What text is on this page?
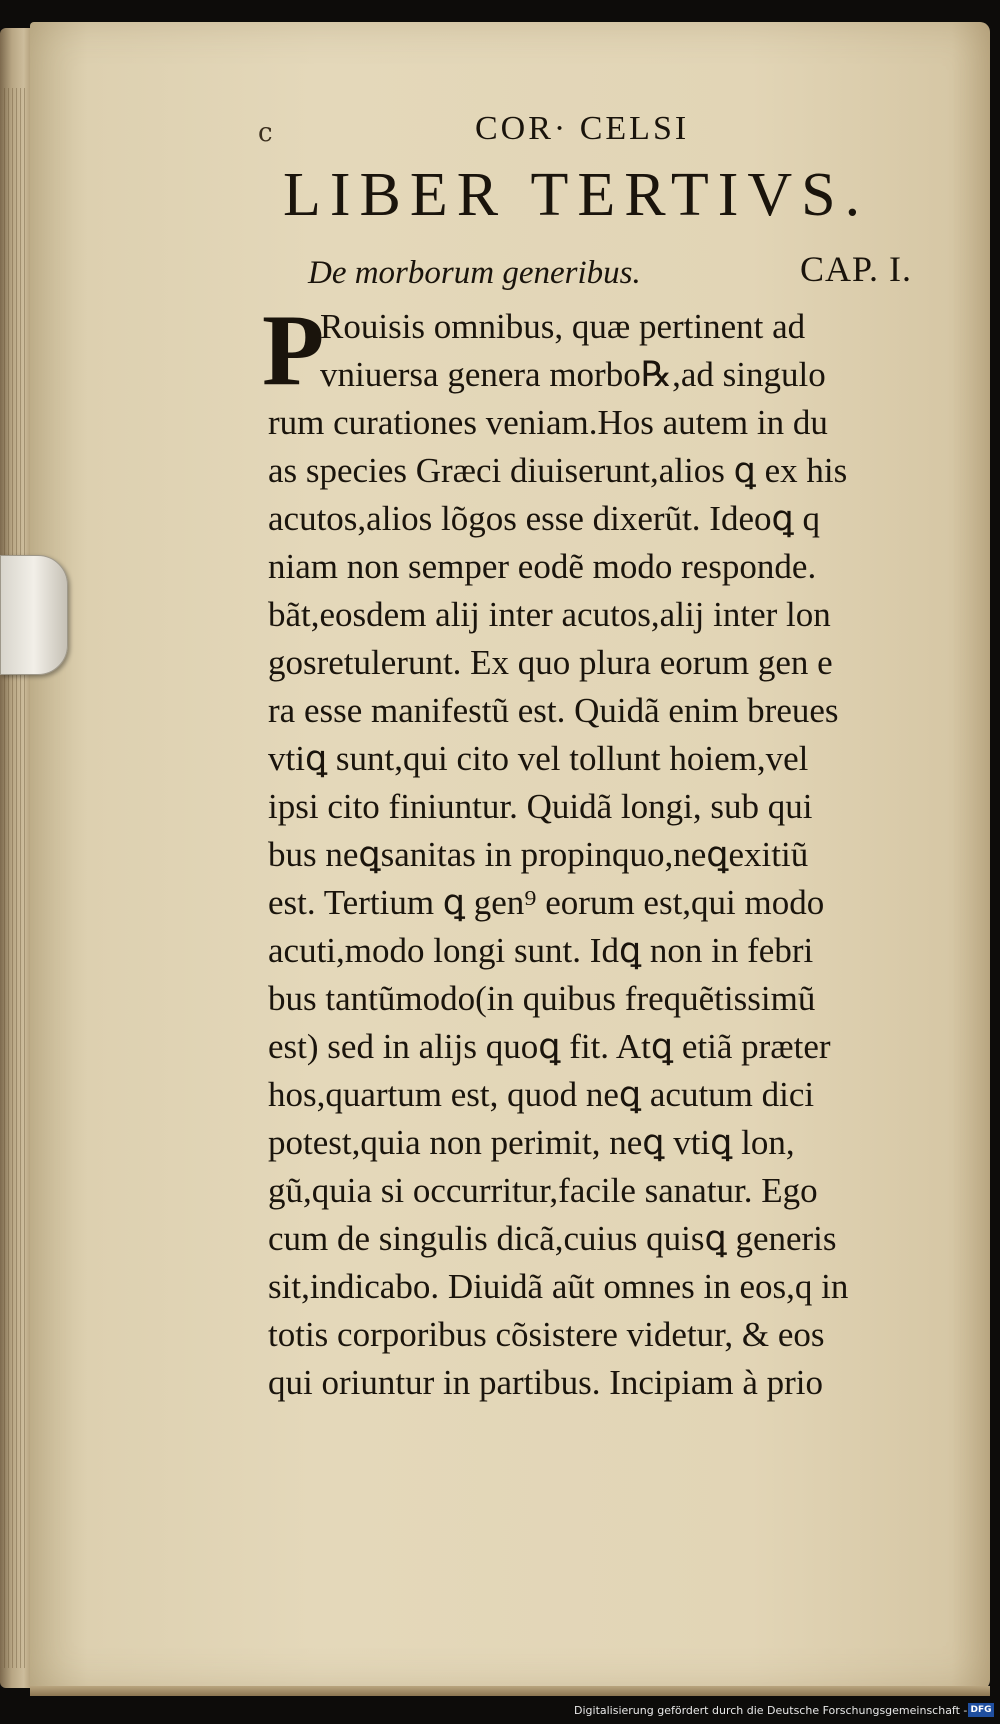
c	COR· CELSI
LIBER TERTIVS.
De morborum generibus.	CAP. I.
P
Rouisis omnibus, quæ pertinent ad
vniuersa genera morbo℞,ad singulo
rum curationes veniam.Hos autem in du
as species Græci diuiserunt,alios ꝗ ex his
acutos,alios lõgos esse dixerũt. Ideoꝗ q
niam non semper eodẽ modo responde.
bãt,eosdem alij inter acutos,alij inter lon
gosretulerunt. Ex quo plura eorum gen e
ra esse manifestũ est. Quidã enim breues
vtiꝗ sunt,qui cito vel tollunt hoiem,vel
ipsi cito finiuntur. Quidã longi, sub qui
bus neꝗsanitas in propinquo,neꝗexitiũ
est. Tertium ꝗ gen⁹ eorum est,qui modo
acuti,modo longi sunt. Idꝗ non in febri
bus tantũmodo(in quibus frequẽtissimũ
est) sed in alijs quoꝗ fit. Atꝗ etiã præter
hos,quartum est, quod neꝗ acutum dici
potest,quia non perimit, neꝗ vtiꝗ lon,
gũ,quia si occurritur,facile sanatur. Ego
cum de singulis dicã,cuius quisꝗ generis
sit,indicabo. Diuidã aũt omnes in eos,q in
totis corporibus cõsistere videtur, & eos
qui oriuntur in partibus. Incipiam à prio
Digitalisierung gefördert durch die Deutsche Forschungsgemeinschaft - DFG
